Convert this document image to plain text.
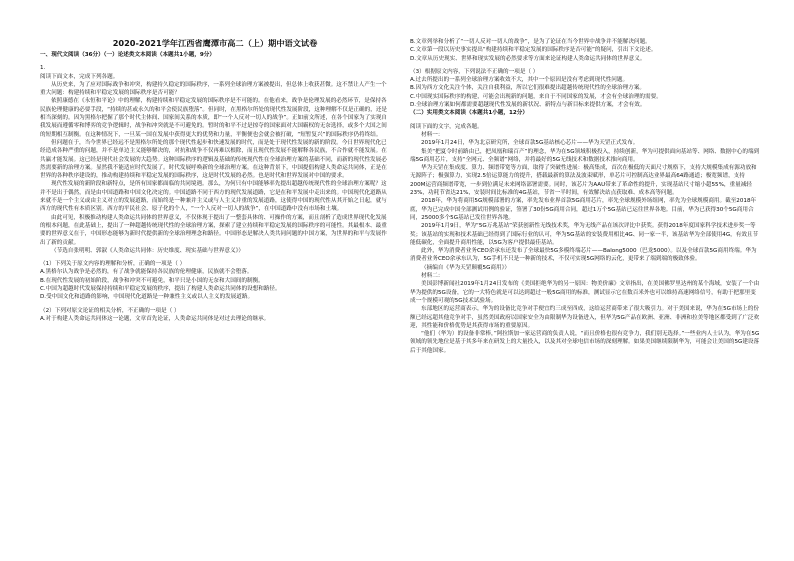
2020-2021学年江西省鹰潭市高二（上）期中语文试卷

一、现代文阅读（36分）（一）论述类文本阅读（本题共1小题，9分）

1.

阅读下面文本，完成下列各题。

从历史来，为了应对国际战争和冲突，构建持久稳定的国际秩序，一系列全球治理方案被提出，但总体上收获甚微。这不禁让人产生一个重大问题：构建持续和平稳定发展的国际秩序是否可能？

依照康德在《永恒和平论》中的理解，构建持续和平稳定发展的国际秩序是不可能的。在他看来，战争是伦理发展的必然环节，是保持各民族伦理健康的必要手段，“持续的甚或永久的和平会使民族堕落”。但同时，在黑格尔所处的现代性发展阶段，这种理解不仅是正确的，还是相当深刻的。因为黑格尔把握了那个时代主体间、国家间关系的本质，即“一个人反对一切人的战争”。正如前文所述，在各个国家为了实现自我发展而遵循零和博弈的竞争逻辑时，战争和冲突就是不可避免的。暂时的和平不过是掠夺的国家面对大国霸权的无奈选择，或多个大国之间的短期相互制衡。在这种情况下，一旦某一国在发展中获得更大的优势和力量，平衡便也会就会被打破，“短暂复兴”的国际秩序仍将终结。

但问题在于，当今世界已经远不是黑格尔所处的那个现代性起步和快速发展的时代，而是处于现代性发展的新的阶段。今日世界现代化已经造成各种严重的问题，并不是单边主义能够解决的，对抗和战争不仅再难以根除，而且现代性发展不能解释各民族，不合作就不能发展。在共赢才能发展。这已经是现代社会发展的大趋势。这种国际秩序的逻辑及基础的传统现代性在全球治理方案的基础不同，而新的现代性发展必然需要新的治理方案。显然我不能适应时代发展了。时代发展呼唤新的全球治理方案。在这种背景下，中国提倡构建人类命运共同体，正是在世界的各种秩序建设的，推动构建持续和平稳定发展的国际秩序，这是时代发展的必然。也是时代和世界发展对中国的要求。

现代性发展的新阶段和新特点，是所有国家都面临的共同境遇。那么，为何只有中国能够率先提出超越传统现代性的全球治理方案呢？这并不是出于偶然，而是由中国道路和中国文化决定的。中国道路不同于西方的现代发展道路，它是在和平发展中走出来的。中国现代化道路从来就不是一个主义或由主义对立的发展道路，而始终是一种兼并主义或与人主义并重的发展道路，这使得中国的现代性从其开始之日起，就与西方的现代性有本质区别。西方的平民社会、原子化的个人，“一个人反对一切人的战争”，在中国道路中没有市场和土壤。

由此可见，积极推动构建人类命运共同体的世界意义，不仅体现于提出了一整套具体的、可操作的方案，而且剖析了造成世界现代化发展的根本问题，在此基础上，提出了一种超越传统现代性的全球治理方案，探索了建立持续和平稳定发展的国际秩序的可能性。其最根本、最重要的世界意义在于，中国形态能够为新时代提供新的全球治理理念和路径。中国形态是解决人类共同问题的中国方案，为世界的和平与发展作出了新的贡献。

（节选自张明明、郭淑《人类命运共同体：历史维度、现实基础与世界意义》）

（1）下列关于原文内容的理解和分析，正确的一项是（ ）

A.黑格尔认为战争是必然的，有了战争就能保持各民族的伦理健康，民族就不会堕落。

B.在现代性发展的初始阶段，战争和冲突不可避免，和平只是小国的无奈和大国间的制衡。

C.中国为超越时代发展保持持续和平稳定发展的秩序，提出了构建人类命运共同体的设想和路径。

D.受中国文化和道路的影响，中国现代化道路是一种兼性主义或以人主义的发展道路。

（2）下列对原文论证的相关分析，不正确的一项是（ ）

A.对于构建人类命运共同体这一论题，文章首先论证，人类命运共同体是对过去理论的继承。

B.文章列举和分析了“一切人反对一切人的战争”，是为了论证在当今世界中战争并不能解决问题。

C.文章第一段以历史事实提出“构建持续和平稳定发展的国际秩序是否可能”的疑问，引出下文论述。

D.文章从历史现实、世界和现实发展的必然要求等方面来论证构建人类命运共同体的世界意义。

（3）根据原文内容，下列说法不正确的一项是（ ）

A.过去所提出的一系列全球治理方案收效不大，其中一个原因是没有考虑到现代性问题。

B.因为西方文化关注个体，关注自我利益，所以它们很难提出超越传统现代性的全球治理方案。

C.中国现实国际秩序的构建，可能会出现新的问题，来自于不同国家的发展，才会有全球治理的需要。

D.全球治理方案如何都需要超越现代性发展的新状况、新特点与新目标来提供方案，才会有效。

（二）实用类文本阅读（本题共1小题，12分）

阅读下面的文字，完成各题。

材料一：

2019年1月24日，华为北京研究所，全球首款5G基站核心芯片——华为天罡正式发布。

集美“把夏令时前路由已，把凤凰和瑞百产”的理念，华为在5G领域积极投入，持续创新，华为可提供面向基站等、网络、数据中心的端到端5G商用芯片，支持“全网元、全频谱”网络，并将最好的5G无线技术和数据技术推向商用。

华为天罡在集成度、算力、频谱带宽等方面，取得了突破性进展：极高集成，首次在极低的天面尺寸规格下，支持大规模集成有源功放和无源阵子；极强算力，实现2.5倍运算能力的提升，搭载最新的算法及波束赋形，单芯片可控制高达业界最高64路通道；极宽频谱，支持200M运营商频谱带宽，一步到位满足未来网络部署需要。同时，该芯片为AAU带来了革命性的提升，实现基站尺寸缩小超55%，重量减轻23%，功耗节省达21%，安装时间比标准的4G基站，节省一半时间，有效解决站点获取难、成本高等问题。

2018年，华为将商用5G规模部署的方案，率先发布业界首款5G商用芯片，率先全球规模外场组网，率先为全球规模商用。截至2018年底，华为已完成中国全部测试用例的验证，签署了30份5G商用合同，超过1万个5G基站已运往世界各地。目前，华为已获得30个5G商用合同，25000多个5G基站已发往世界各地。

2019年1月9日，华为“5G万兆基站”荣获创新性无线技术奖，华为无线产品在该次评比中获奖。获得2018年度国家科学技术进步奖一等奖；该基站的实现和技术基础已经得到了国际行业的认可，华为5G基站的安装费用相比4G、同一家一半，该基站华为全部使用4G，有效且节能低碳化，全面提升商用性能，以5G为客户提供最佳基站。

此外，华为消费者业务CEO余承东还发布了全球最快5G多模终端芯片——Balong5000（巴龙5000）。以及全球首款5G商用终端。华为消费者业务CEO余承东认为，5G手机不只是一种新的技术，不仅可实现5G网络的云化，更带来了端到端的极致体验。

（摘编自《华为天罡颠覆5G商用》）

材料二：

美国彭博新闻社2019年1月24日发布的《美国拒绝华为的另一原因：物美价廉》文章指出，在美国佛罗里达州的某个海域，安装了一个由华为提供的5G设备，它的一大特色就是可以达到超过一般5G商用的标准，测试显示它在数百米外也可以维持高速网络信号，有助于把那里变成一个规模可观的5G技术试验场。

东部地区的运营商表示，华为的设备比竞争对手便宜约三成至四成，这给运营商带来了很大吸引力。对于美国来说，华为在5G市场上的份额已经远超其他竞争对手，虽然美国政府以国家安全为由限制华为设备进入，但华为5G产品在欧洲、亚洲、非洲和拉美等地区都受到了广泛欢迎，其性能和价格优势是其获得市场的重要原因。

“他们（华为）的设备非常棒，”阿拉斯加一家运营商的负责人说，“而且价格也很有竞争力，我们别无选择。”一些业内人士认为，华为在5G领域的领先地位是基于其多年来在研发上的大量投入，以及其对全球电信市场的深刻理解。如果美国继续限制华为，可能会让美国的5G建设落后于其他国家。
